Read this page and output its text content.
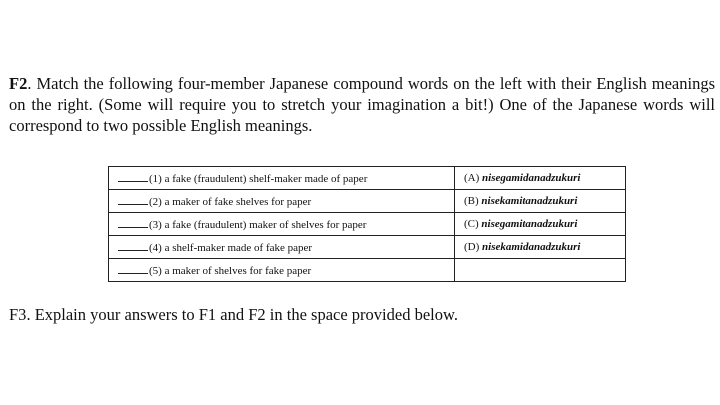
F2. Match the following four-member Japanese compound words on the left with their English meanings on the right. (Some will require you to stretch your imagination a bit!) One of the Japanese words will correspond to two possible English meanings.
(1) a fake (fraudulent) shelf-maker made of paper	(A) nisegamidanadzukuri
(2) a maker of fake shelves for paper	(B) nisekamitanadzukuri
(3) a fake (fraudulent) maker of shelves for paper	(C) nisegamitanadzukuri
(4) a shelf-maker made of fake paper	(D) nisekamidanadzukuri
(5) a maker of shelves for fake paper	
F3. Explain your answers to F1 and F2 in the space provided below.
